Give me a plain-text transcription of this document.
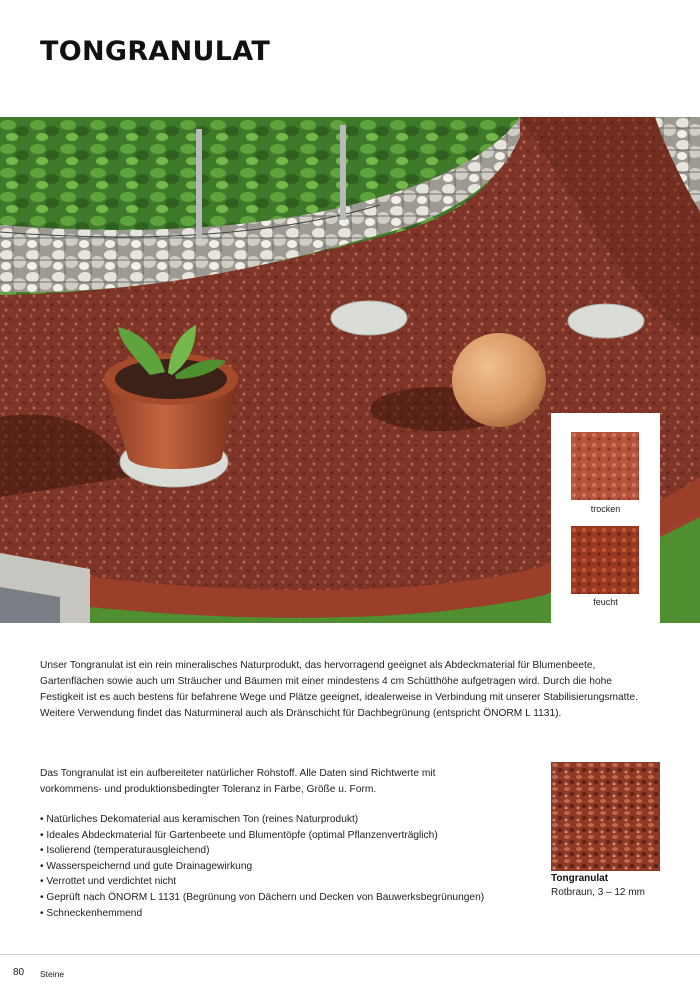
TONGRANULAT
trocken
feucht
Unser Tongranulat ist ein rein mineralisches Naturprodukt, das hervorragend geeignet als Abdeckmaterial für Blumenbeete, Gartenflächen sowie auch um Sträucher und Bäumen mit einer mindestens 4 cm Schütthöhe aufgetragen wird. Durch die hohe Festigkeit ist es auch bestens für befahrene Wege und Plätze geeignet, idealerweise in Verbindung mit unserer Stabilisierungsmatte. Weitere Verwendung findet das Naturmineral auch als Dränschicht für Dachbegrünung (entspricht ÖNORM L 1131).
Das Tongranulat ist ein aufbereiteter natürlicher Rohstoff. Alle Daten sind Richtwerte mit vorkommens- und produktionsbedingter Toleranz in Farbe, Größe u. Form.
• Natürliches Dekomaterial aus keramischen Ton (reines Naturprodukt)
• Ideales Abdeckmaterial für Gartenbeete und Blumentöpfe (optimal Pflanzenverträglich)
• Isolierend (temperaturausgleichend)
• Wasserspeichernd und gute Drainagewirkung
• Verrottet und verdichtet nicht
• Geprüft nach ÖNORM L 1131 (Begrünung von Dächern und Decken von Bauwerksbegrünungen)
• Schneckenhemmend
Tongranulat
Rotbraun, 3 – 12 mm
80 Steine
